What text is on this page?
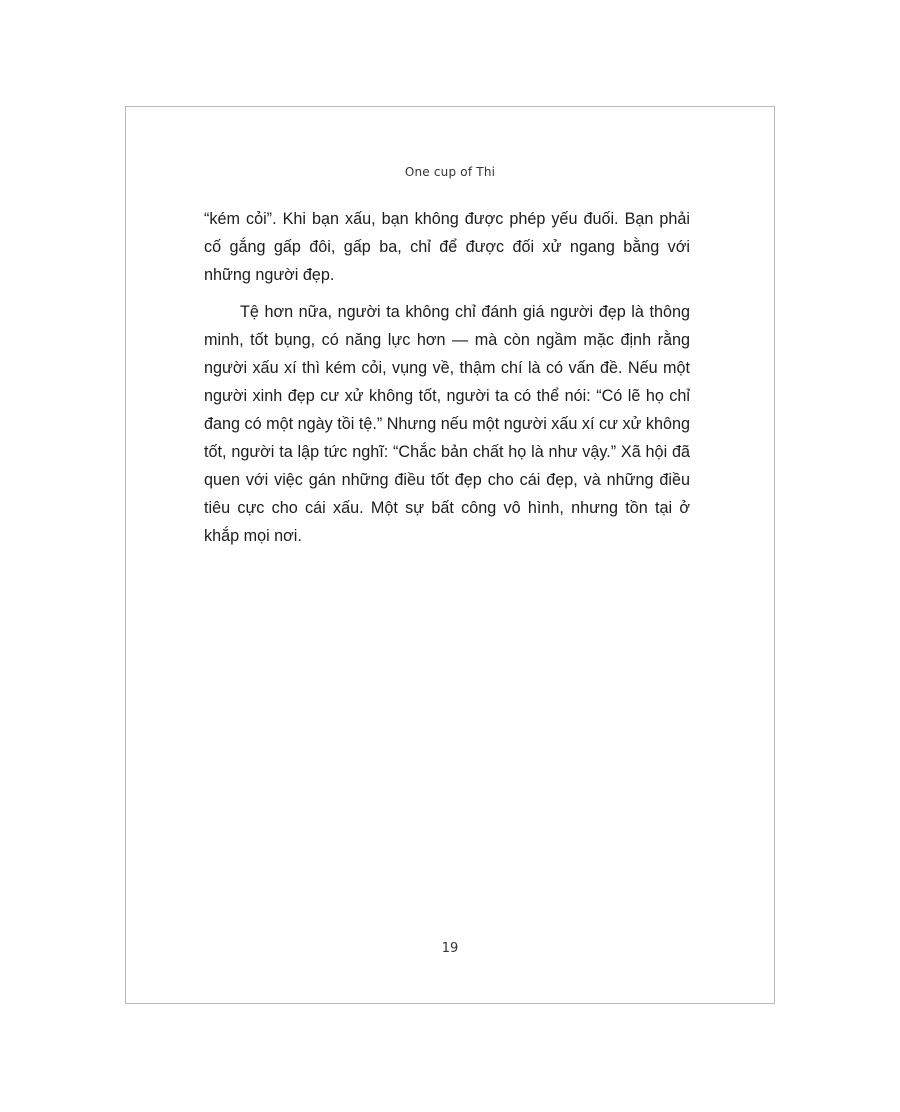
One cup of Thi

“kém cỏi”. Khi bạn xấu, bạn không được phép yếu đuối. Bạn phải cố gắng gấp đôi, gấp ba, chỉ để được đối xử ngang bằng với những người đẹp.

Tệ hơn nữa, người ta không chỉ đánh giá người đẹp là thông minh, tốt bụng, có năng lực hơn — mà còn ngầm mặc định rằng người xấu xí thì kém cỏi, vụng về, thậm chí là có vấn đề. Nếu một người xinh đẹp cư xử không tốt, người ta có thể nói: “Có lẽ họ chỉ đang có một ngày tồi tệ.” Nhưng nếu một người xấu xí cư xử không tốt, người ta lập tức nghĩ: “Chắc bản chất họ là như vậy.” Xã hội đã quen với việc gán những điều tốt đẹp cho cái đẹp, và những điều tiêu cực cho cái xấu. Một sự bất công vô hình, nhưng tồn tại ở khắp mọi nơi.

19
